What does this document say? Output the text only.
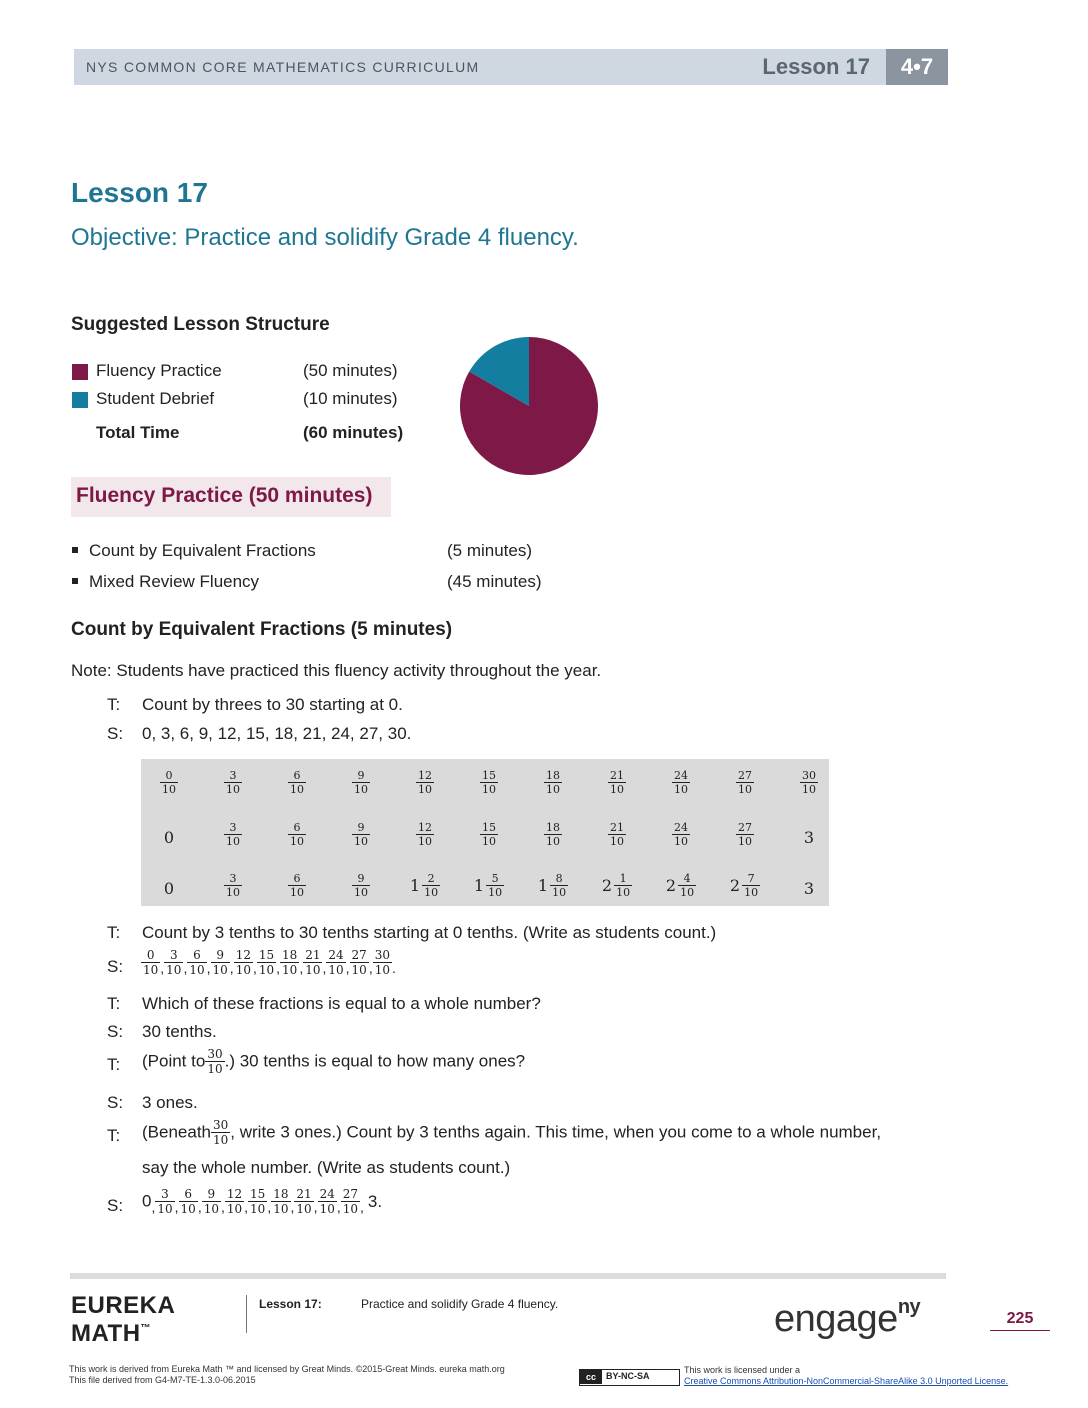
NYS COMMON CORE MATHEMATICS CURRICULUM	Lesson 17	4•7
Lesson 17
Objective: Practice and solidify Grade 4 fluency.
Suggested Lesson Structure
Fluency Practice	(50 minutes)
Student Debrief	(10 minutes)
Total Time	(60 minutes)
Fluency Practice (50 minutes)
Count by Equivalent Fractions	(5 minutes)
Mixed Review Fluency	(45 minutes)
Count by Equivalent Fractions (5 minutes)
Note: Students have practiced this fluency activity throughout the year.
T: Count by threes to 30 starting at 0.
S: 0, 3, 6, 9, 12, 15, 18, 21, 24, 27, 30.
$\frac{0}{10}$	$\frac{3}{10}$	$\frac{6}{10}$	$\frac{9}{10}$	$\frac{12}{10}$	$\frac{15}{10}$	$\frac{18}{10}$	$\frac{21}{10}$	$\frac{24}{10}$	$\frac{27}{10}$	$\frac{30}{10}$
0	$\frac{3}{10}$	$\frac{6}{10}$	$\frac{9}{10}$	$\frac{12}{10}$	$\frac{15}{10}$	$\frac{18}{10}$	$\frac{21}{10}$	$\frac{24}{10}$	$\frac{27}{10}$	3
0	$\frac{3}{10}$	$\frac{6}{10}$	$\frac{9}{10}$	$1 \frac{2}{10}$	$1 \frac{5}{10}$	$1 \frac{8}{10}$	$2 \frac{1}{10}$	$2 \frac{4}{10}$	$2 \frac{7}{10}$	3
T: Count by 3 tenths to 30 tenths starting at 0 tenths. (Write as students count.)
S: $\frac{0}{10} _, \frac{3}{10} _, \frac{6}{10} _, \frac{9}{10} _, \frac{12}{10} _, \frac{15}{10} _, \frac{18}{10} _, \frac{21}{10} _, \frac{24}{10} _, \frac{27}{10} _, \frac{30}{10} _.$
T: Which of these fractions is equal to a whole number?
S: 30 tenths.
T: (Point to $\frac{30}{10}$ .) 30 tenths is equal to how many ones?
S: 3 ones.
T: (Beneath $\frac{30}{10}$ , write 3 ones.) Count by 3 tenths again. This time, when you come to a whole number,
say the whole number. (Write as students count.)
S: $0_, \frac{3}{10} _, \frac{6}{10} _, \frac{9}{10} _, \frac{12}{10} _, \frac{15}{10} _, \frac{18}{10} _, \frac{21}{10} _, \frac{24}{10} _, \frac{27}{10} _,$ 3.
EUREKA
MATH™
Lesson 17:	Practice and solidify Grade 4 fluency.	engage$^{ny}$
225
This work is derived from Eureka Math ™ and licensed by Great Minds. ©2015-Great Minds. eureka math.org
This file derived from G4-M7-TE-1.3.0-06.2015	cc	BY-NC-SA
This work is licensed under a
Creative Commons Attribution-NonCommercial-ShareAlike 3.0 Unported License.
